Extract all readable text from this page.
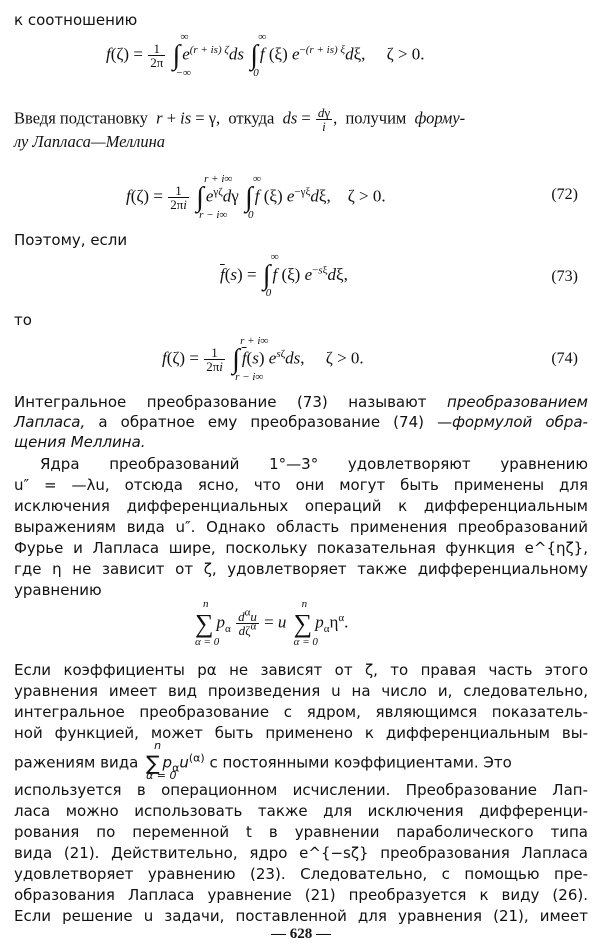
к соотношению
$f(\zeta) = \frac{1}{2\pi}$ ∫
∞
−∞
$e^{(r + is) \zeta}ds$ ∫
∞
0
f (ξ) $e^{-(r + is) \xi}d\xi$,     ζ > 0.
Введя подстановку r + is = γ,  откуда ds = $\frac{d\gamma}{i}$ ,  получим форму-
лу Лапласа—Меллина
$f(\zeta) = \frac{1}{2\pi i}$ ∫
r + i∞
r − i∞
$e^{\gamma\zeta}d\gamma$ ∫
∞
0
f (ξ) $e^{-\gamma\xi}d\xi$,    ζ > 0.	(72)
Поэтому, если
$\overline{f}(s)$ = ∫
∞
0
f (ξ) $e^{-s\xi}d\xi$,	(73)
то
$f(\zeta) = \frac{1}{2\pi i}$ ∫
r + i∞
r − i∞
$\overline{f}(s)$ $e^{s\zeta}ds$,     ζ > 0.	(74)
Интегральное преобразование (73) называют преобразованием
Лапласа, а обратное ему преобразование (74) —формулой обра-
щения Меллина.
Ядра преобразований 1°—3° удовлетворяют уравнению
u″ = —λu, отсюда ясно, что они могут быть применены для
исключения дифференциальных операций к дифференциальным
выражениям вида u″. Однако область применения преобразований
Фурье и Лапласа шире, поскольку показательная функция e^{ηζ},
где η не зависит от ζ, удовлетворяет также дифференциальному
уравнению
∑
n
α = 0
$p_\alpha \frac{d^\alpha u}{d\zeta^\alpha} = u$ ∑
n
α = 0
$p_\alpha\eta^\alpha$.
Если коэффициенты pα не зависят от ζ, то правая часть этого
уравнения имеет вид произведения u на число и, следовательно,
интегральное преобразование с ядром, являющимся показатель-
ной функцией, может быть применено к дифференциальным вы-
ражениям вида ∑
n
α = 0
$p_\alpha u^{(\alpha)}$ с постоянными коэффициентами. Это
используется в операционном исчислении. Преобразование Лап-
ласа можно использовать также для исключения дифференци-
рования по переменной t в уравнении параболического типа
вида (21). Действительно, ядро e^{−sζ} преобразования Лапласа
удовлетворяет уравнению (23). Следовательно, с помощью пре-
образования Лапласа уравнение (21) преобразуется к виду (26).
Если решение u задачи, поставленной для уравнения (21), имеет
— 628 —
